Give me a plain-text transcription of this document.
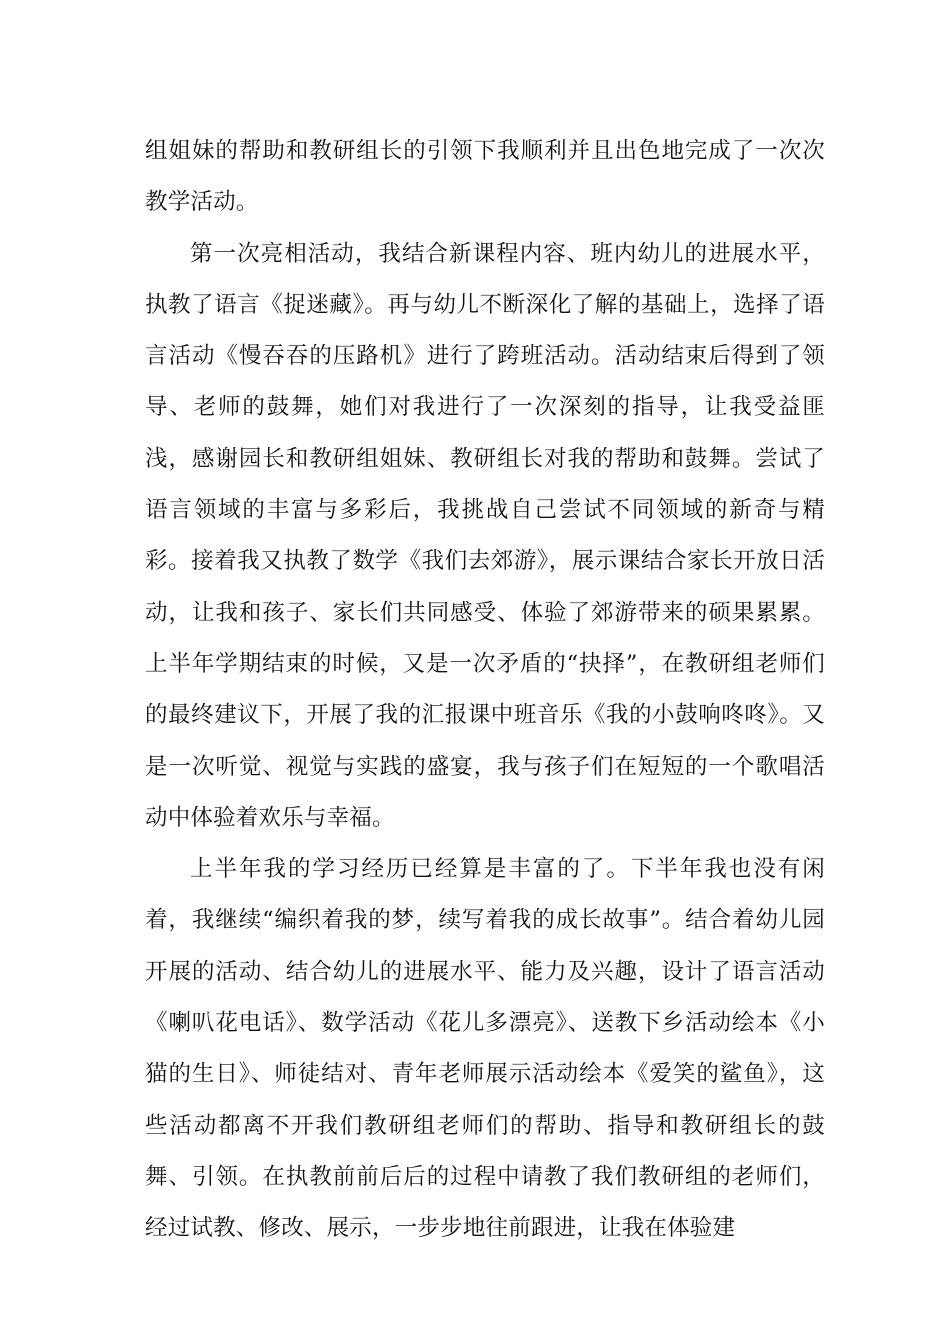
组姐妹的帮助和教研组长的引领下我顺利并且出色地完成了一次次教学活动。

第一次亮相活动，我结合新课程内容、班内幼儿的进展水平，执教了语言《捉迷藏》。再与幼儿不断深化了解的基础上，选择了语言活动《慢吞吞的压路机》进行了跨班活动。活动结束后得到了领导、老师的鼓舞，她们对我进行了一次深刻的指导，让我受益匪浅，感谢园长和教研组姐妹、教研组长对我的帮助和鼓舞。尝试了语言领域的丰富与多彩后，我挑战自己尝试不同领域的新奇与精彩。接着我又执教了数学《我们去郊游》，展示课结合家长开放日活动，让我和孩子、家长们共同感受、体验了郊游带来的硕果累累。上半年学期结束的时候，又是一次矛盾的“抉择”，在教研组老师们的最终建议下，开展了我的汇报课中班音乐《我的小鼓响咚咚》。又是一次听觉、视觉与实践的盛宴，我与孩子们在短短的一个歌唱活动中体验着欢乐与幸福。

上半年我的学习经历已经算是丰富的了。下半年我也没有闲着，我继续“编织着我的梦，续写着我的成长故事”。结合着幼儿园开展的活动、结合幼儿的进展水平、能力及兴趣，设计了语言活动《喇叭花电话》、数学活动《花儿多漂亮》、送教下乡活动绘本《小猫的生日》、师徒结对、青年老师展示活动绘本《爱笑的鲨鱼》，这些活动都离不开我们教研组老师们的帮助、指导和教研组长的鼓舞、引领。在执教前前后后的过程中请教了我们教研组的老师们，经过试教、修改、展示，一步步地往前跟进，让我在体验建
